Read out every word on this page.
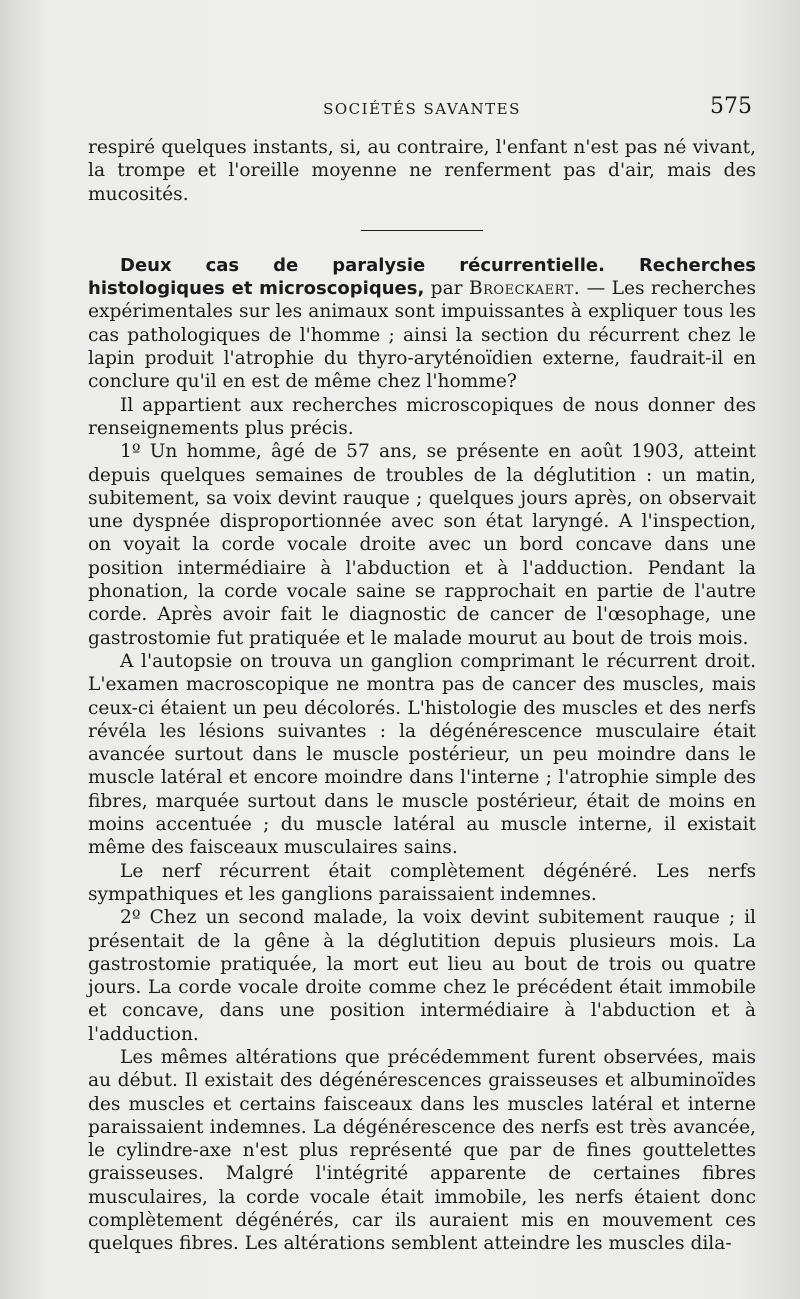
SOCIÉTÉS SAVANTES	575

respiré quelques instants, si, au contraire, l'enfant n'est pas né vivant, la trompe et l'oreille moyenne ne renferment pas d'air, mais des mucosités.

Deux cas de paralysie récurrentielle. Recherches histologiques et microscopiques, par Broeckaert. — Les recherches expérimentales sur les animaux sont impuissantes à expliquer tous les cas pathologiques de l'homme ; ainsi la section du récurrent chez le lapin produit l'atrophie du thyro-aryténoïdien externe, faudrait-il en conclure qu'il en est de même chez l'homme?

Il appartient aux recherches microscopiques de nous donner des renseignements plus précis.

1º Un homme, âgé de 57 ans, se présente en août 1903, atteint depuis quelques semaines de troubles de la déglutition : un matin, subitement, sa voix devint rauque ; quelques jours après, on observait une dyspnée disproportionnée avec son état laryngé. A l'inspection, on voyait la corde vocale droite avec un bord concave dans une position intermédiaire à l'abduction et à l'adduction. Pendant la phonation, la corde vocale saine se rapprochait en partie de l'autre corde. Après avoir fait le diagnostic de cancer de l'œsophage, une gastrostomie fut pratiquée et le malade mourut au bout de trois mois.

A l'autopsie on trouva un ganglion comprimant le récurrent droit. L'examen macroscopique ne montra pas de cancer des muscles, mais ceux-ci étaient un peu décolorés. L'histologie des muscles et des nerfs révéla les lésions suivantes : la dégénérescence musculaire était avancée surtout dans le muscle postérieur, un peu moindre dans le muscle latéral et encore moindre dans l'interne ; l'atrophie simple des fibres, marquée surtout dans le muscle postérieur, était de moins en moins accentuée ; du muscle latéral au muscle interne, il existait même des faisceaux musculaires sains.

Le nerf récurrent était complètement dégénéré. Les nerfs sympathiques et les ganglions paraissaient indemnes.

2º Chez un second malade, la voix devint subitement rauque ; il présentait de la gêne à la déglutition depuis plusieurs mois. La gastrostomie pratiquée, la mort eut lieu au bout de trois ou quatre jours. La corde vocale droite comme chez le précédent était immobile et concave, dans une position intermédiaire à l'abduction et à l'adduction.

Les mêmes altérations que précédemment furent observées, mais au début. Il existait des dégénérescences graisseuses et albuminoïdes des muscles et certains faisceaux dans les muscles latéral et interne paraissaient indemnes. La dégénérescence des nerfs est très avancée, le cylindre-axe n'est plus représenté que par de fines gouttelettes graisseuses. Malgré l'intégrité apparente de certaines fibres musculaires, la corde vocale était immobile, les nerfs étaient donc complètement dégénérés, car ils auraient mis en mouvement ces quelques fibres. Les altérations semblent atteindre les muscles dila-
